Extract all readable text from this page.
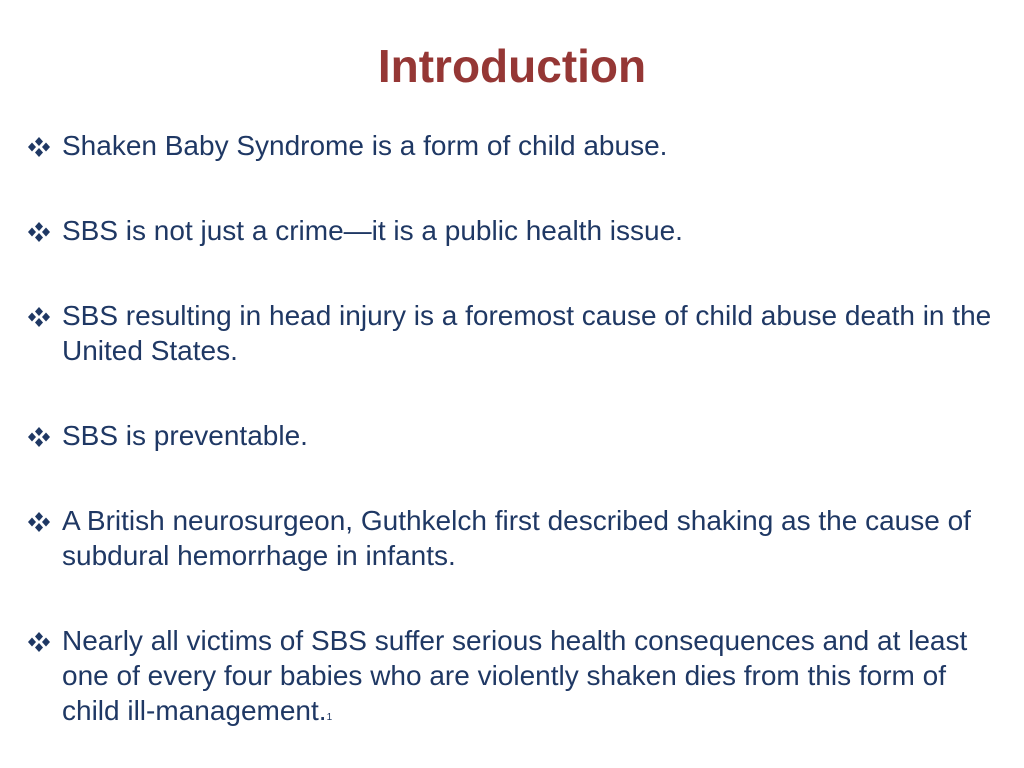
Introduction
Shaken Baby Syndrome is a form of child abuse.
SBS is not just a crime—it is a public health issue.
SBS resulting in head injury is a foremost cause of child abuse death in the United States.
SBS is preventable.
A British neurosurgeon, Guthkelch first described shaking as the cause of subdural hemorrhage in infants.
Nearly all victims of SBS suffer serious health consequences and at least one of every four babies who are violently shaken dies from this form of child ill-management.1
